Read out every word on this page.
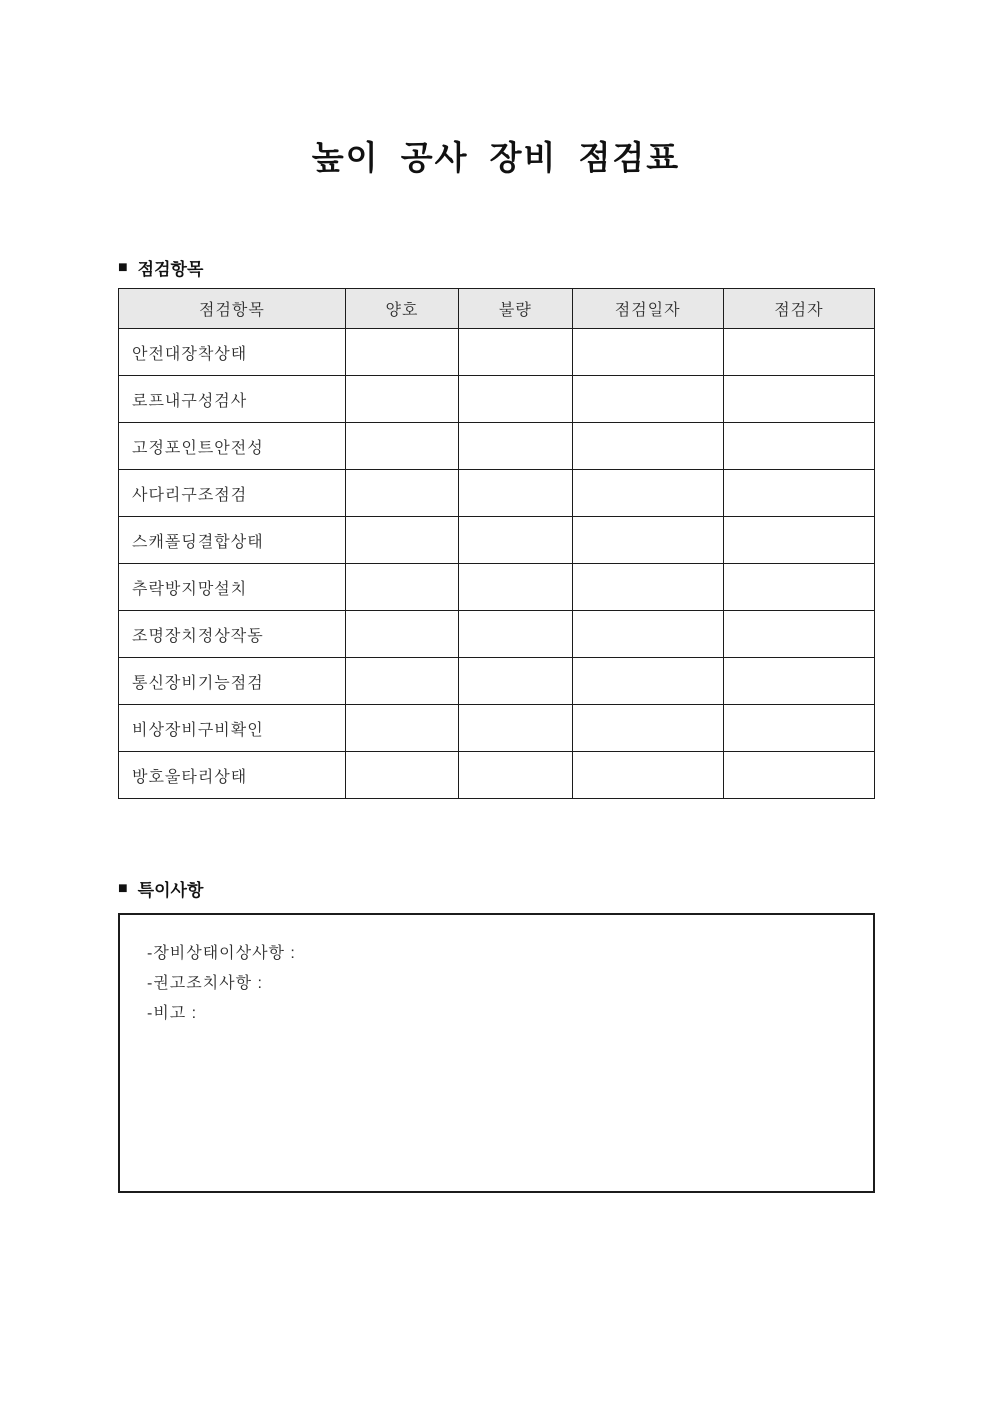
높이 공사 장비 점검표
■ 점검항목
점검항목	양호	불량	점검일자	점검자
안전대장착상태				
로프내구성검사				
고정포인트안전성				
사다리구조점검				
스캐폴딩결합상태				
추락방지망설치				
조명장치정상작동				
통신장비기능점검				
비상장비구비확인				
방호울타리상태				
■ 특이사항
-장비상태이상사항 :
-권고조치사항 :
-비고 :
